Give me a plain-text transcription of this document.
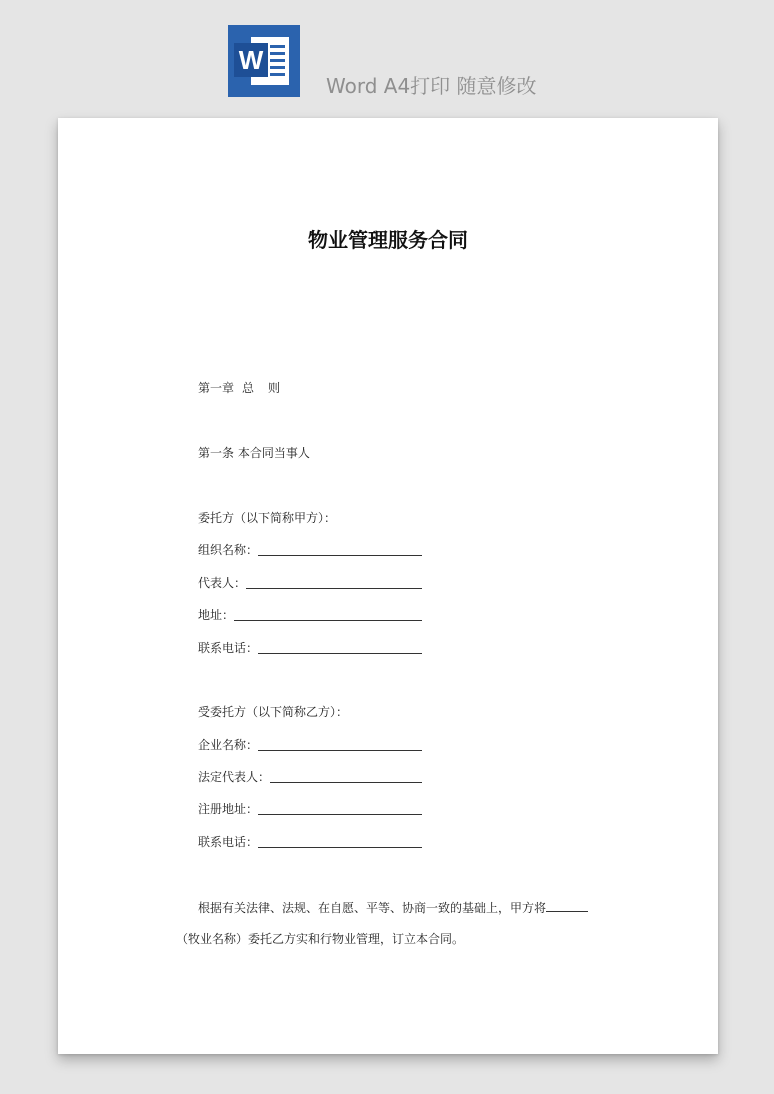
W
Word A4打印 随意修改
物业管理服务合同
第一章 总 则
第一条 本合同当事人
委托方（以下简称甲方）：
组织名称：
代表人：
地址：
联系电话：
受委托方（以下简称乙方）：
企业名称：
法定代表人：
注册地址：
联系电话：
根据有关法律、法规、在自愿、平等、协商一致的基础上，甲方将
（牧业名称）委托乙方实和行物业管理，订立本合同。
